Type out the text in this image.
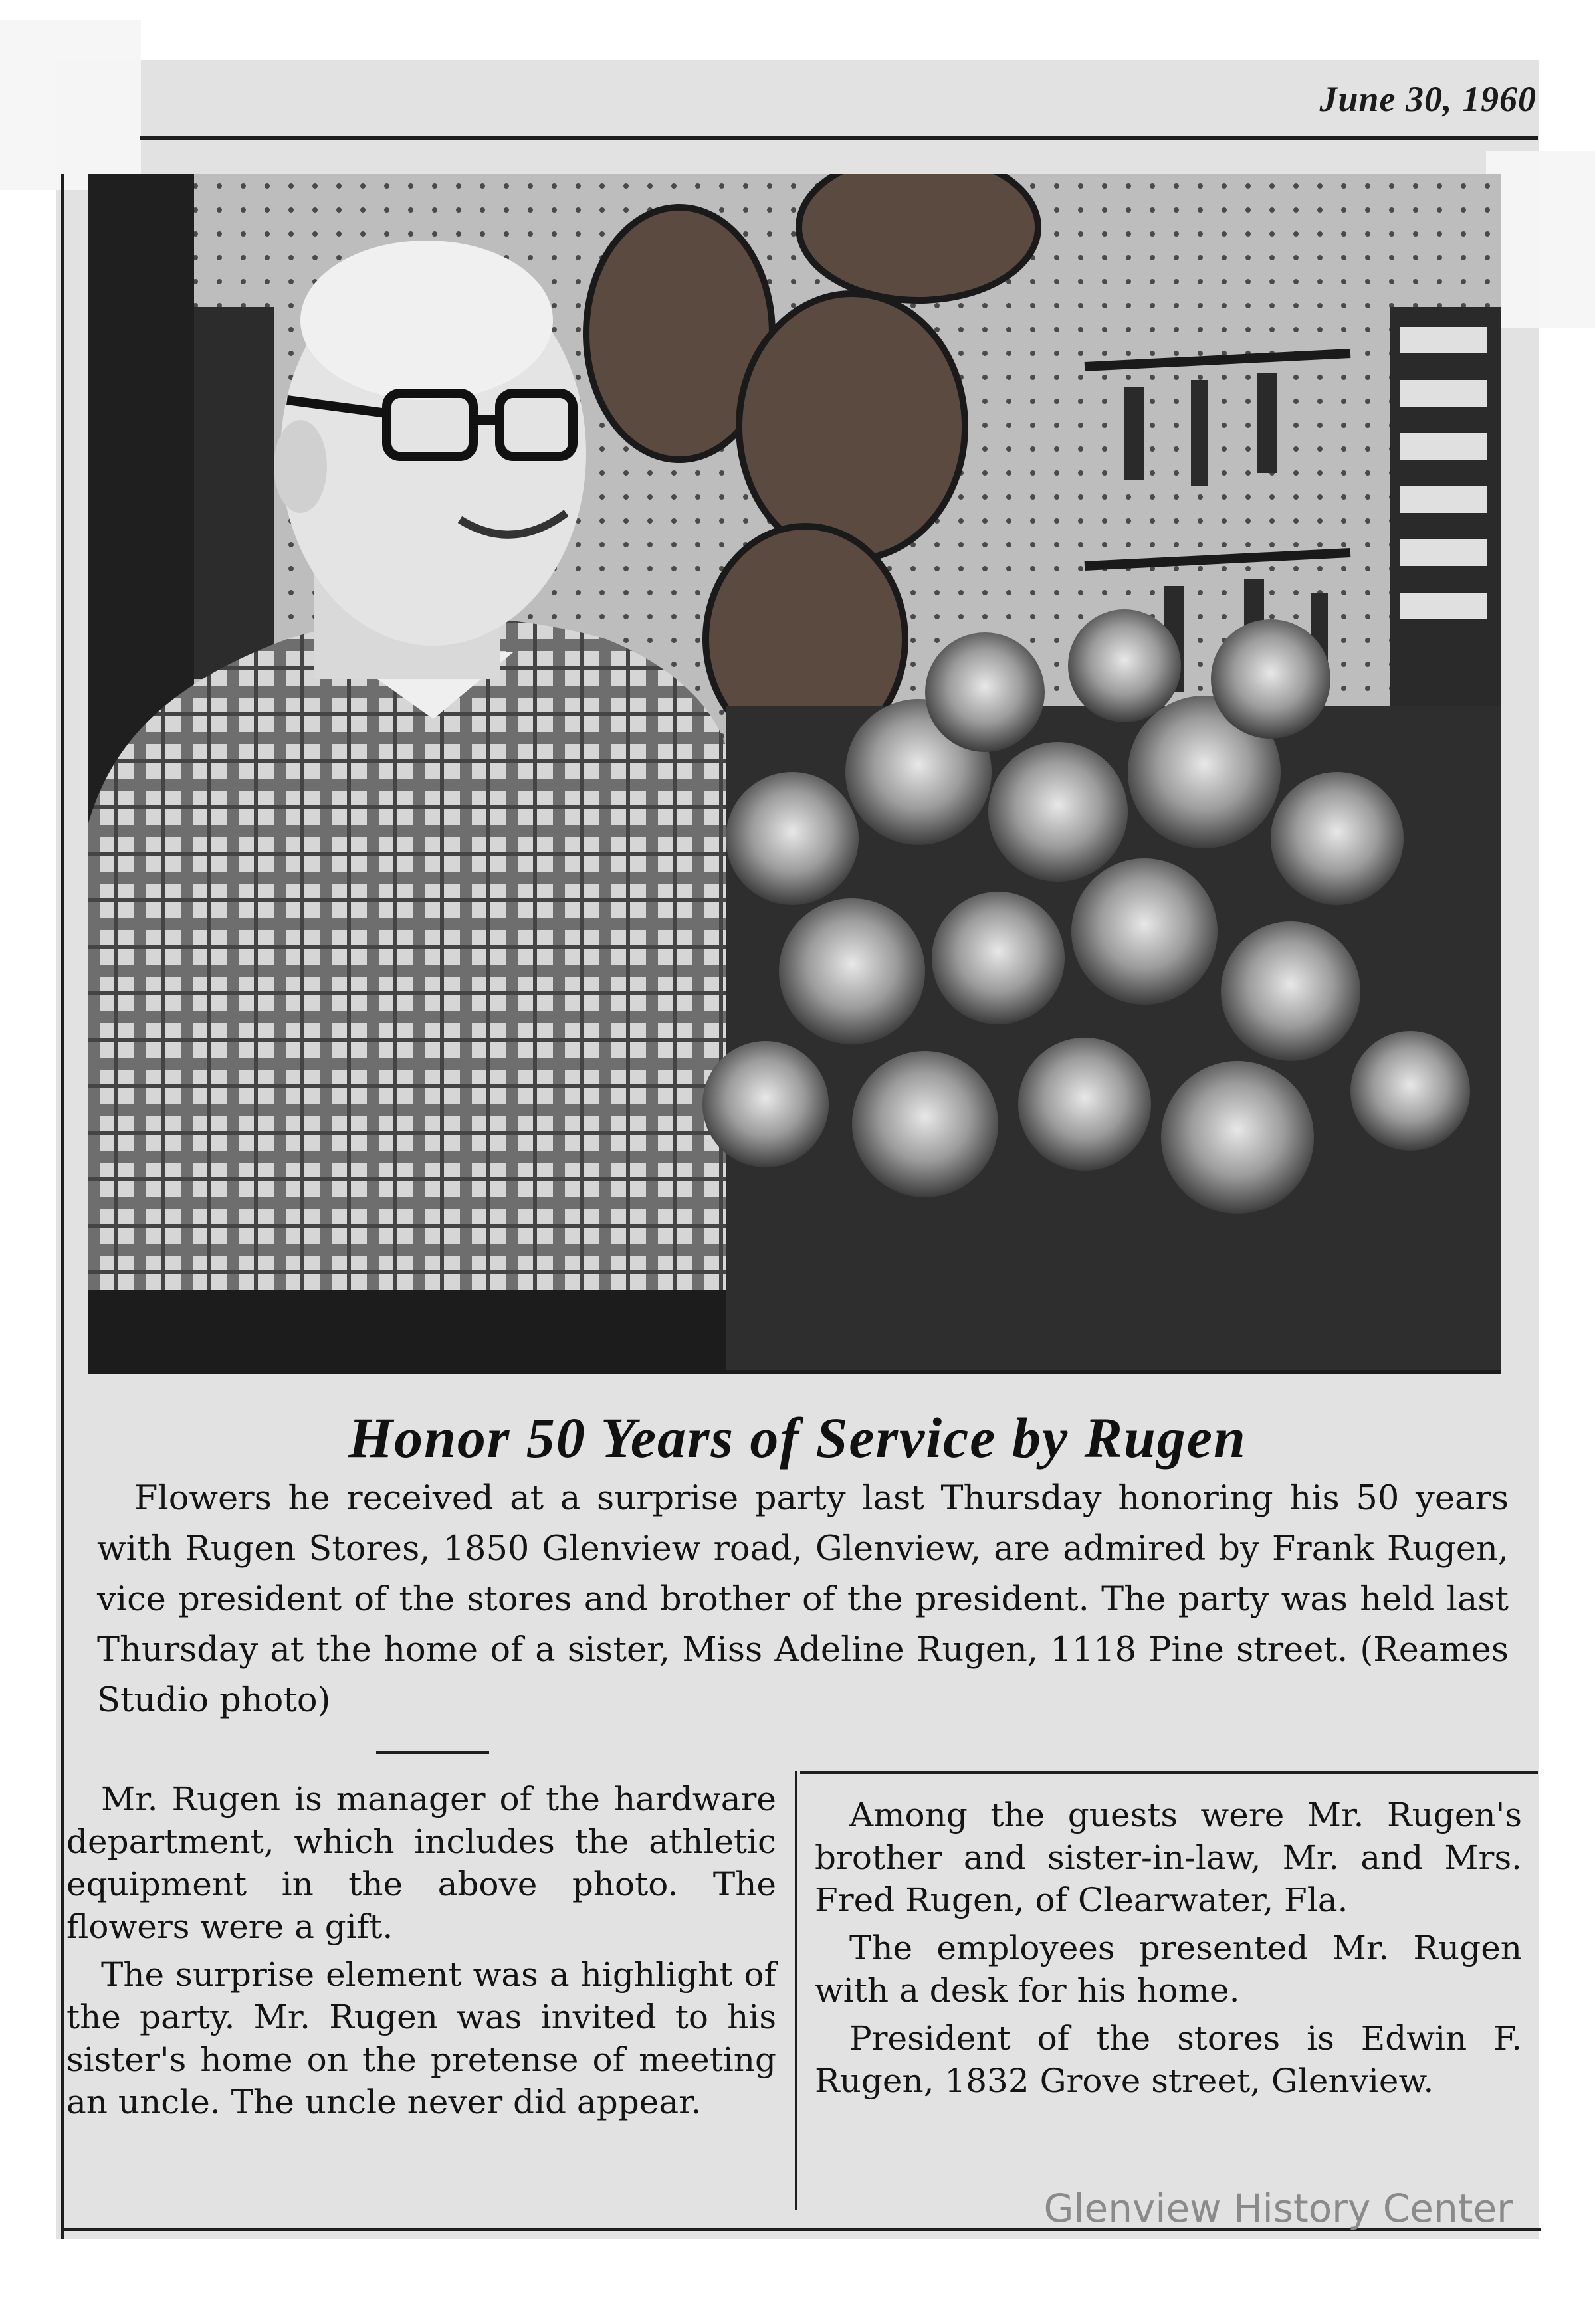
June 30, 1960
Honor 50 Years of Service by Rugen

Flowers he received at a surprise party last Thursday honoring his 50 years with Rugen Stores, 1850 Glenview road, Glenview, are admired by Frank Rugen, vice president of the stores and brother of the president. The party was held last Thursday at the home of a sister, Miss Adeline Rugen, 1118 Pine street. (Reames Studio photo)

Mr. Rugen is manager of the hardware department, which includes the athletic equipment in the above photo. The flowers were a gift.

The surprise element was a highlight of the party. Mr. Rugen was invited to his sister's home on the pretense of meeting an uncle. The uncle never did appear.

Among the guests were Mr. Rugen's brother and sister-in-law, Mr. and Mrs. Fred Rugen, of Clearwater, Fla.

The employees presented Mr. Rugen with a desk for his home.

President of the stores is Edwin F. Rugen, 1832 Grove street, Glenview.

Glenview History Center
